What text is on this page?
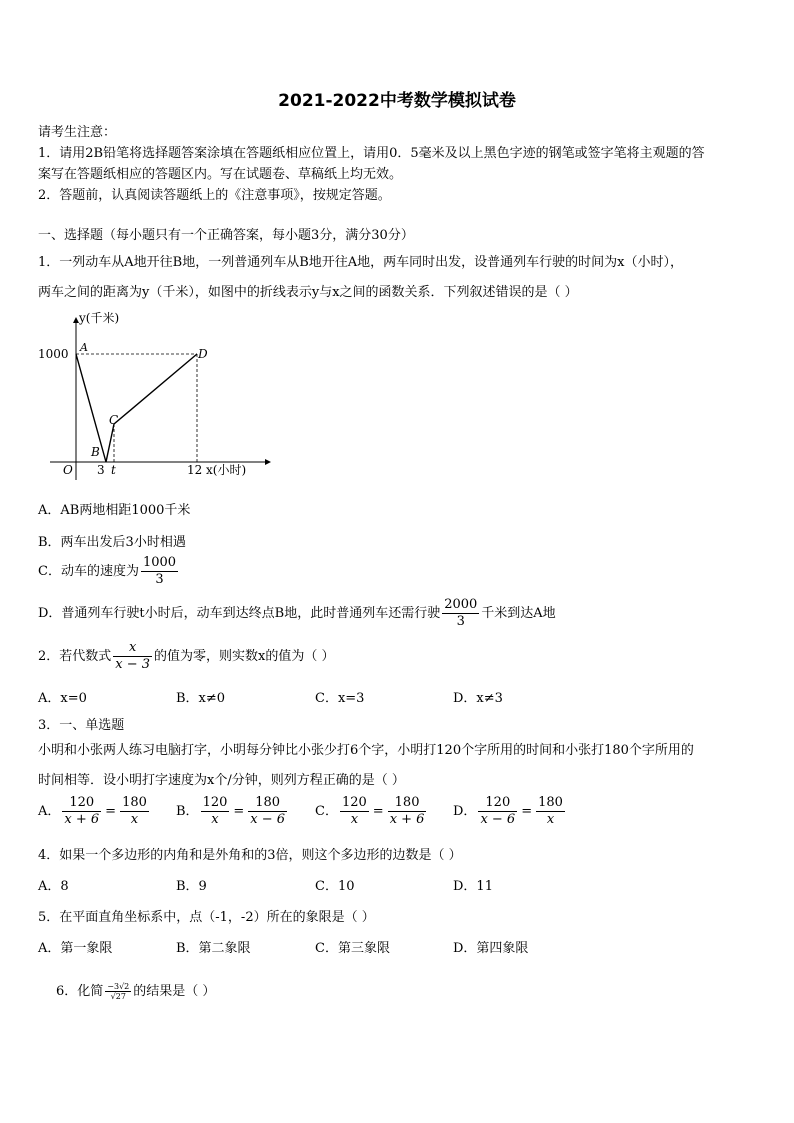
2021-2022中考数学模拟试卷
请考生注意：
1．请用2B铅笔将选择题答案涂填在答题纸相应位置上，请用0．5毫米及以上黑色字迹的钢笔或签字笔将主观题的答
案写在答题纸相应的答题区内。写在试题卷、草稿纸上均无效。
2．答题前，认真阅读答题纸上的《注意事项》，按规定答题。
一、选择题（每小题只有一个正确答案，每小题3分，满分30分）
1．一列动车从A地开往B地，一列普通列车从B地开往A地，两车同时出发，设普通列车行驶的时间为x（小时），
两车之间的距离为y（千米），如图中的折线表示y与x之间的函数关系．下列叙述错误的是（ ）
y(千米)
x(小时)
1000
O 3 t	12
A
B
C
D
A．AB两地相距1000千米
B．两车出发后3小时相遇
C．动车的速度为 $\frac{1000}{3}$
D．普通列车行驶t小时后，动车到达终点B地，此时普通列车还需行驶 $\frac{2000}{3}$ 千米到达A地
2．若代数式 $\frac{x}{x - 3}$ 的值为零，则实数x的值为（ ）
A．x=0	B．x≠0	C．x=3	D．x≠3
3．一、单选题
小明和小张两人练习电脑打字，小明每分钟比小张少打6个字，小明打120个字所用的时间和小张打180个字所用的
时间相等．设小明打字速度为x个/分钟，则列方程正确的是（ ）
A． $\frac{120}{x + 6} = \frac{180}{x}$ B． $\frac{120}{x} = \frac{180}{x - 6}$ C． $\frac{120}{x} = \frac{180}{x + 6}$ D． $\frac{120}{x - 6} = \frac{180}{x}$
4．如果一个多边形的内角和是外角和的3倍，则这个多边形的边数是（ ）
A．8	B．9	C．10	D．11
5．在平面直角坐标系中，点（-1，-2）所在的象限是（ ）
A．第一象限	B．第二象限	C．第三象限	D．第四象限
6．化简 $\frac{-3√2}{√27}$ 的结果是（ ）
